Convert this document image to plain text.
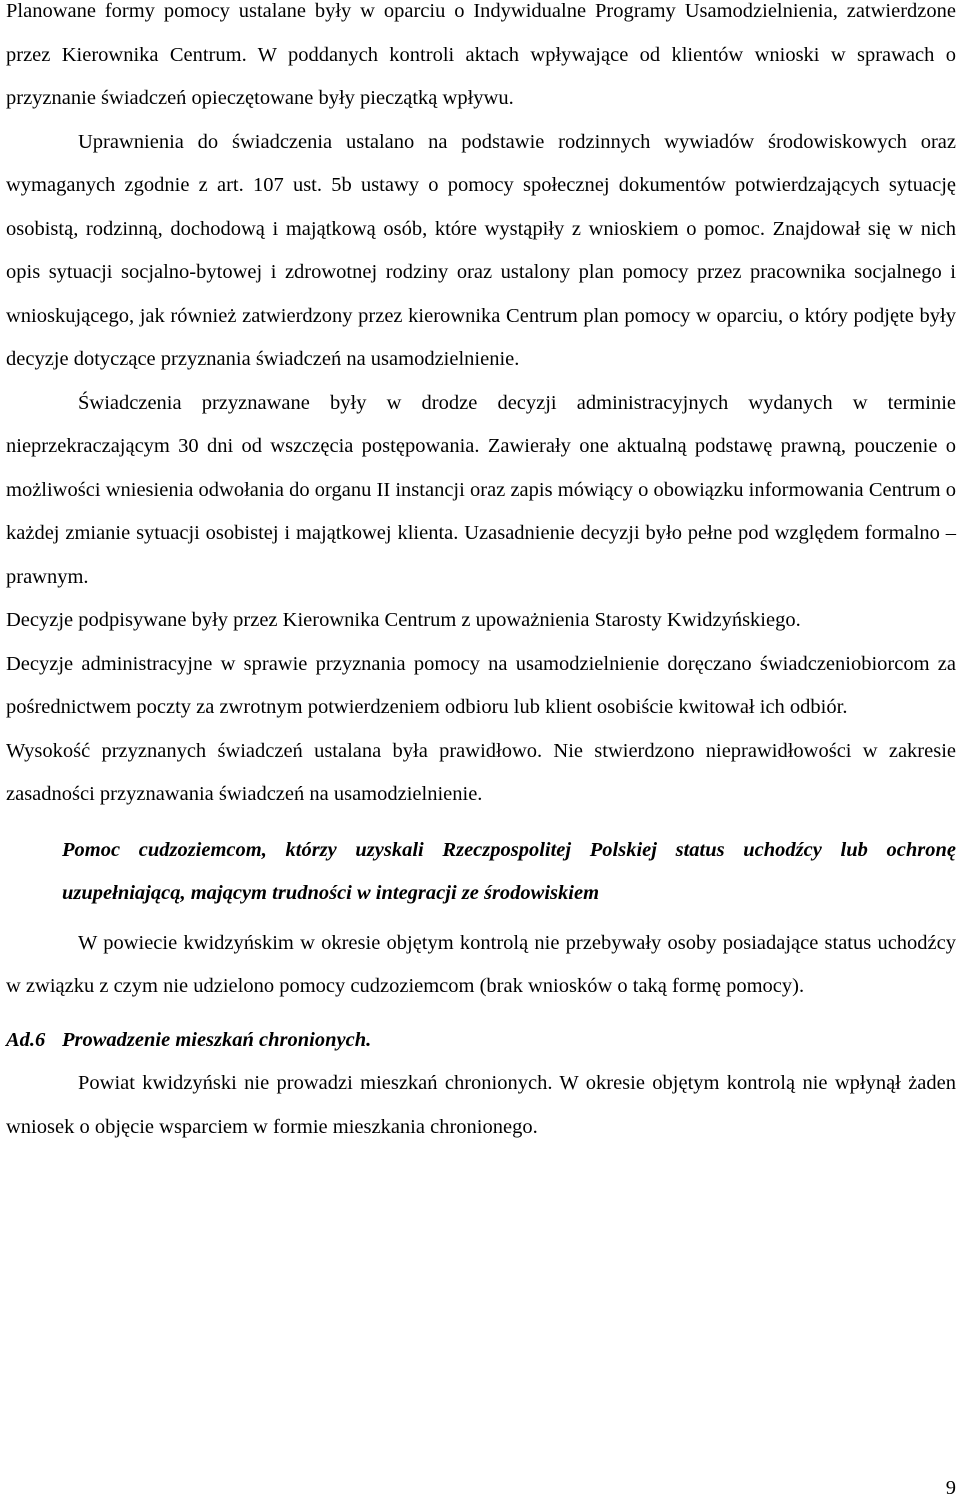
Planowane formy pomocy ustalane były w oparciu o Indywidualne Programy Usamodzielnienia, zatwierdzone przez Kierownika Centrum. W poddanych kontroli aktach wpływające od klientów wnioski w sprawach o przyznanie świadczeń opieczętowane były pieczątką wpływu.

Uprawnienia do świadczenia ustalano na podstawie rodzinnych wywiadów środowiskowych oraz wymaganych zgodnie z art. 107 ust. 5b ustawy o pomocy społecznej dokumentów potwierdzających sytuację osobistą, rodzinną, dochodową i majątkową osób, które wystąpiły z wnioskiem o pomoc. Znajdował się w nich opis sytuacji socjalno-bytowej i zdrowotnej rodziny oraz ustalony plan pomocy przez pracownika socjalnego i wnioskującego, jak również zatwierdzony przez kierownika Centrum plan pomocy w oparciu, o który podjęte były decyzje dotyczące przyznania świadczeń na usamodzielnienie.

Świadczenia przyznawane były w drodze decyzji administracyjnych wydanych w terminie nieprzekraczającym 30 dni od wszczęcia postępowania. Zawierały one aktualną podstawę prawną, pouczenie o możliwości wniesienia odwołania do organu II instancji oraz zapis mówiący o obowiązku informowania Centrum o każdej zmianie sytuacji osobistej i majątkowej klienta. Uzasadnienie decyzji było pełne pod względem formalno – prawnym.

Decyzje podpisywane były przez Kierownika Centrum z upoważnienia Starosty Kwidzyńskiego.

Decyzje administracyjne w sprawie przyznania pomocy na usamodzielnienie doręczano świadczeniobiorcom za pośrednictwem poczty za zwrotnym potwierdzeniem odbioru lub klient osobiście kwitował ich odbiór.

Wysokość przyznanych świadczeń ustalana była prawidłowo. Nie stwierdzono nieprawidłowości w zakresie zasadności przyznawania świadczeń na usamodzielnienie.

Pomoc cudzoziemcom, którzy uzyskali Rzeczpospolitej Polskiej status uchodźcy lub ochronę uzupełniającą, mającym trudności w integracji ze środowiskiem

W powiecie kwidzyńskim w okresie objętym kontrolą nie przebywały osoby posiadające status uchodźcy w związku z czym nie udzielono pomocy cudzoziemcom (brak wniosków o taką formę pomocy).

Ad.6 Prowadzenie mieszkań chronionych.

Powiat kwidzyński nie prowadzi mieszkań chronionych. W okresie objętym kontrolą nie wpłynął żaden wniosek o objęcie wsparciem w formie mieszkania chronionego.

9
